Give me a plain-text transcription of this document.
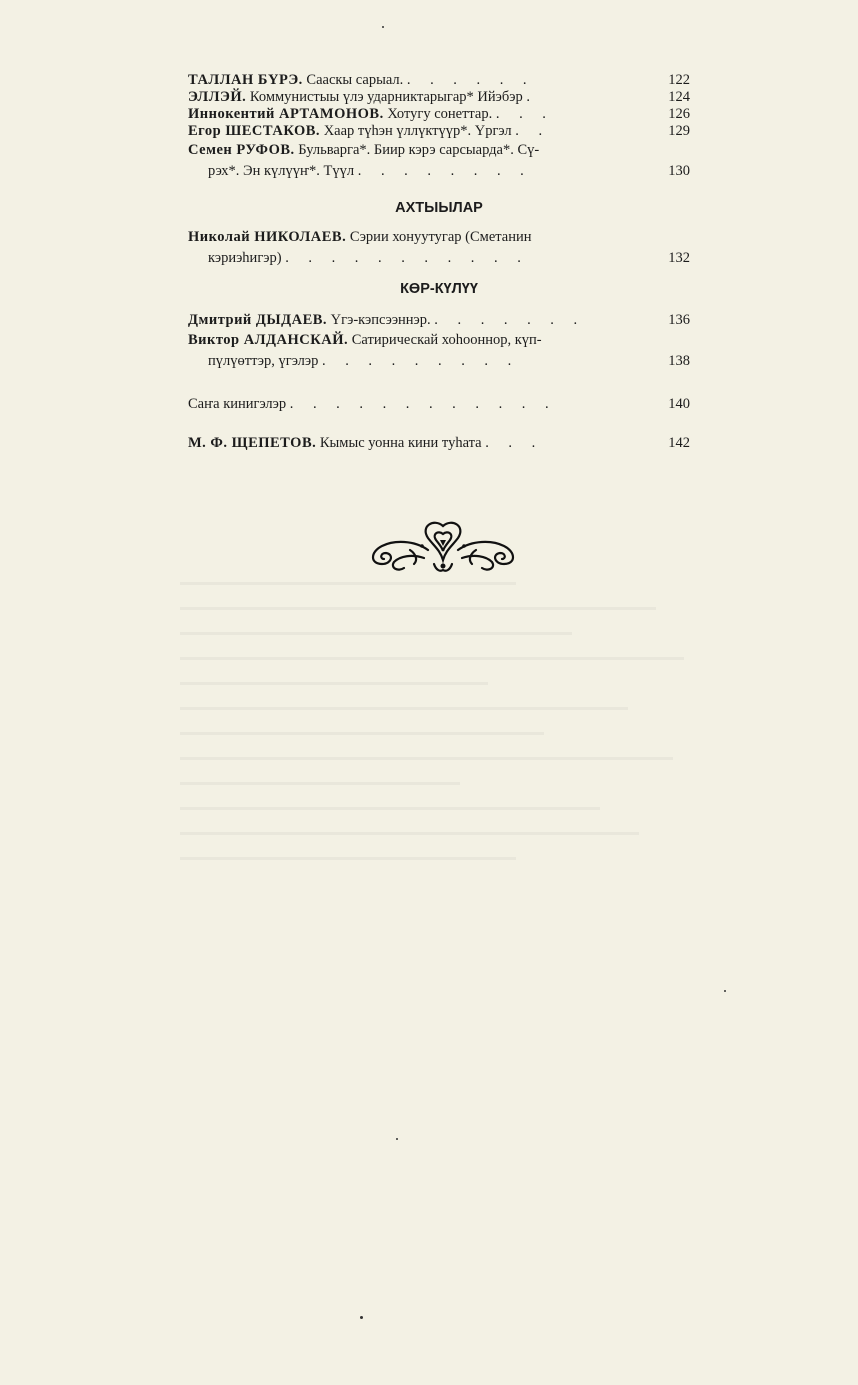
ТАЛЛАН БҮРЭ. Сааскы сарыал. . . . . . .	122

ЭЛЛЭЙ. Коммунистыы үлэ ударниктарыгар* Ийэбэр .	124

Иннокентий АРТАМОНОВ. Хотугу сонеттар. . . .	126

Егор ШЕСТАКОВ. Хаар түһэн үллүктүүр*. Үргэл . .	129

Семен РУФОВ. Бульварга*. Биир кэрэ сарсыарда*. Сү-
рэх*. Эн күлүүҥ*. Түүл . . . . . . . .	130

АХТЫЫЛАР

Николай НИКОЛАЕВ. Сэрии хонуутугар (Сметанин
кэриэһигэр) . . . . . . . . . . .	132

КӨР-КҮЛҮҮ

Дмитрий ДЫДАЕВ. Үгэ-кэпсээннэр. . . . . . . .	136

Виктор АЛДАНСКАЙ. Сатирическай хоһооннор, күп-
пүлүөттэр, үгэлэр . . . . . . . . .	138

Саҥа кинигэлэр . . . . . . . . . . . .	140

М. Ф. ЩЕПЕТОВ. Кымыс уонна кини туһата . . .	142
